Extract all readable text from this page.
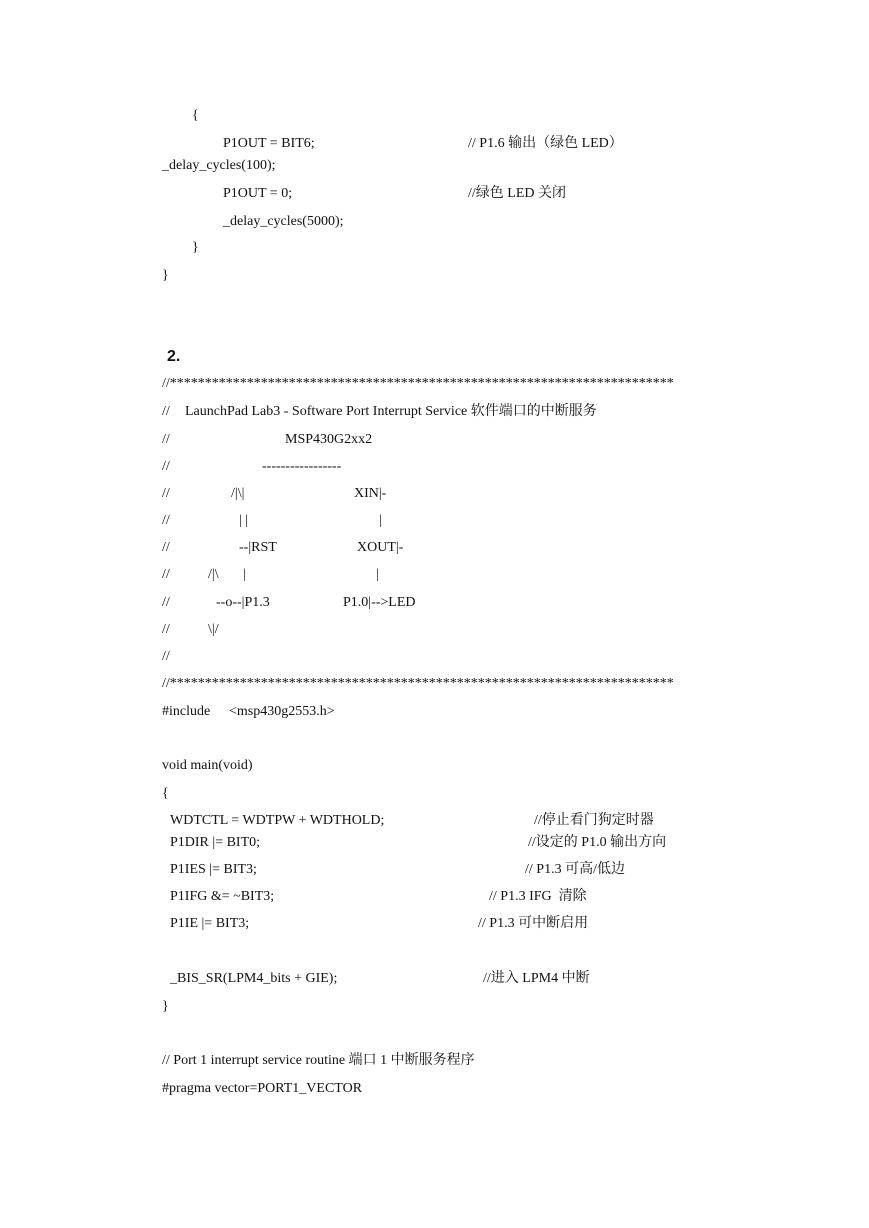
{
P1OUT = BIT6;	// P1.6 输出（绿色 LED）
_delay_cycles(100);
P1OUT = 0;	//绿色 LED 关闭
_delay_cycles(5000);
}
}
2.
//************************************************************************
// LaunchPad Lab3 - Software Port Interrupt Service 软件端口的中断服务
//	MSP430G2xx2
//	-----------------
//	/|\|	XIN|-
//	| |	|
//	--|RST	XOUT|-
//	/|\ |	|
//	--o--|P1.3	P1.0|-->LED
//	\|/
//
//************************************************************************
#include <msp430g2553.h>
void main(void)
{
WDTCTL = WDTPW + WDTHOLD;	//停止看门狗定时器
P1DIR |= BIT0;	//设定的 P1.0 输出方向
P1IES |= BIT3;	// P1.3 可高/低边
P1IFG &= ~BIT3;	// P1.3 IFG  清除
P1IE |= BIT3;	// P1.3 可中断启用
_BIS_SR(LPM4_bits + GIE);	//进入 LPM4 中断
}
// Port 1 interrupt service routine 端口 1 中断服务程序
#pragma vector=PORT1_VECTOR
